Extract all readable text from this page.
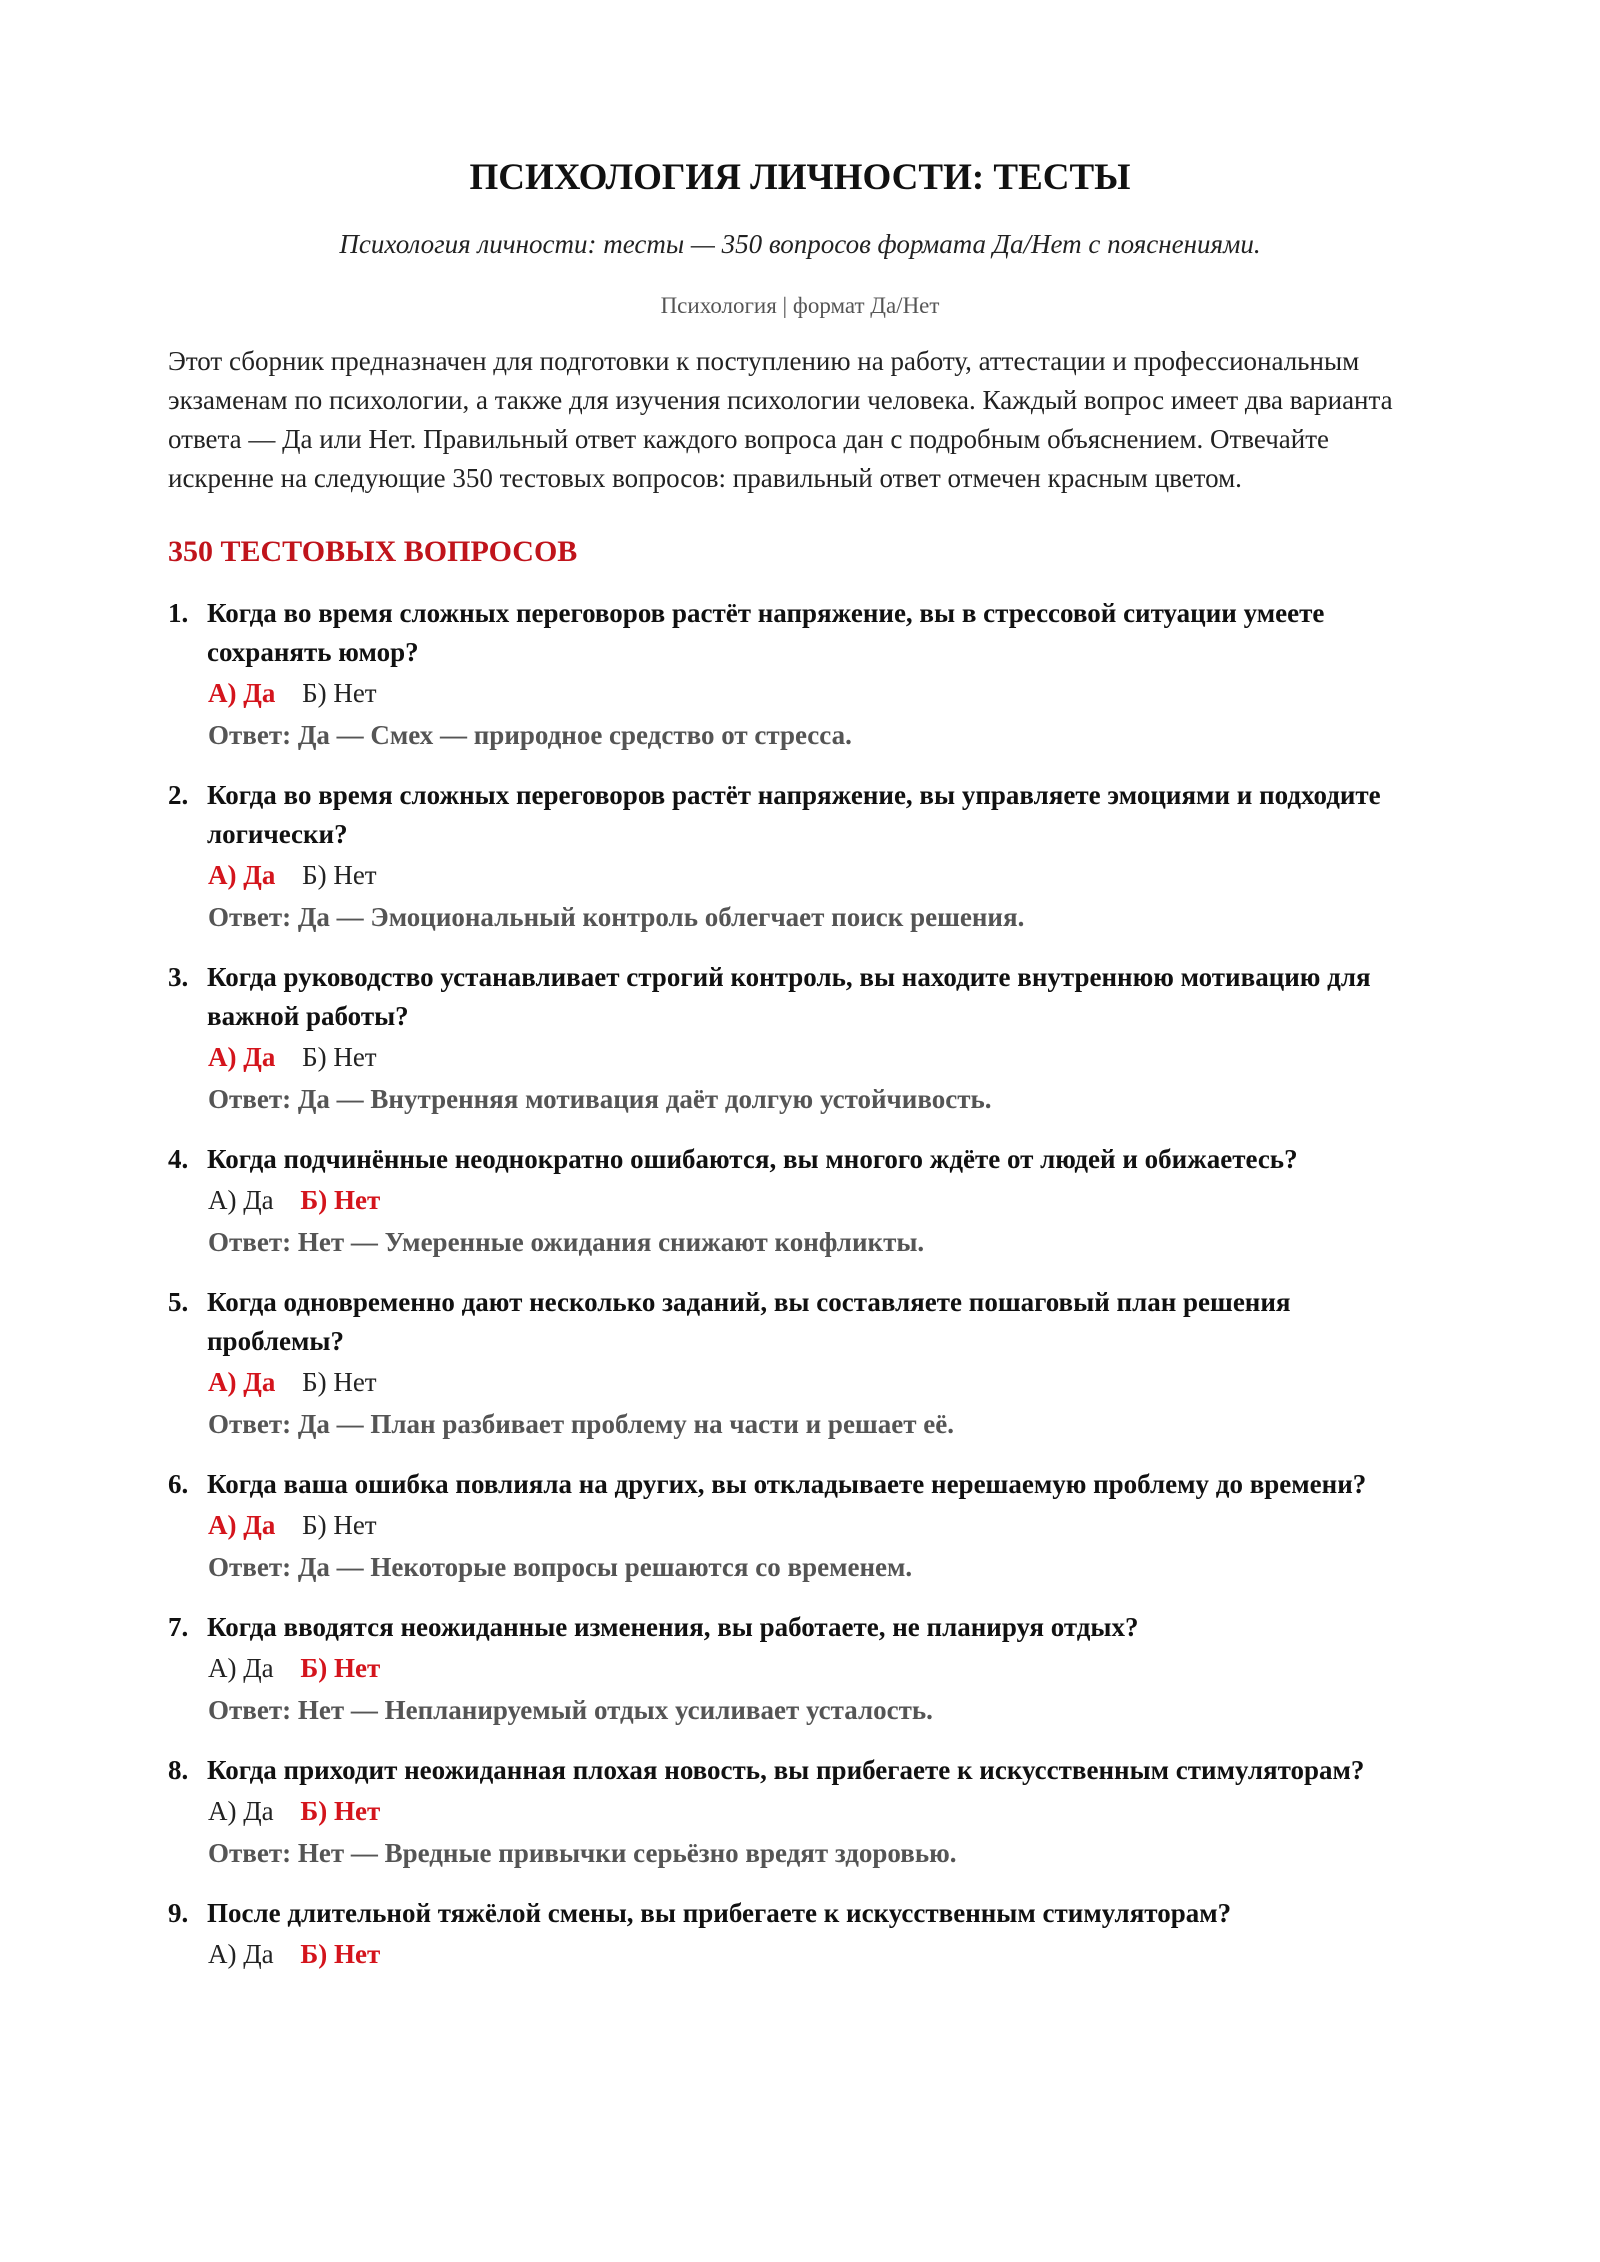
ПСИХОЛОГИЯ ЛИЧНОСТИ: ТЕСТЫ
Психология личности: тесты — 350 вопросов формата Да/Нет с пояснениями.
Психология | формат Да/Нет
Этот сборник предназначен для подготовки к поступлению на работу, аттестации и профессиональным экзаменам по психологии, а также для изучения психологии человека. Каждый вопрос имеет два варианта ответа — Да или Нет. Правильный ответ каждого вопроса дан с подробным объяснением. Отвечайте искренне на следующие 350 тестовых вопросов: правильный ответ отмечен красным цветом.
350 ТЕСТОВЫХ ВОПРОСОВ
1. Когда во время сложных переговоров растёт напряжение, вы в стрессовой ситуации умеете сохранять юмор?
А) Да Б) Нет
Ответ: Да — Смех — природное средство от стресса.
2. Когда во время сложных переговоров растёт напряжение, вы управляете эмоциями и подходите логически?
А) Да Б) Нет
Ответ: Да — Эмоциональный контроль облегчает поиск решения.
3. Когда руководство устанавливает строгий контроль, вы находите внутреннюю мотивацию для важной работы?
А) Да Б) Нет
Ответ: Да — Внутренняя мотивация даёт долгую устойчивость.
4. Когда подчинённые неоднократно ошибаются, вы многого ждёте от людей и обижаетесь?
А) Да Б) Нет
Ответ: Нет — Умеренные ожидания снижают конфликты.
5. Когда одновременно дают несколько заданий, вы составляете пошаговый план решения проблемы?
А) Да Б) Нет
Ответ: Да — План разбивает проблему на части и решает её.
6. Когда ваша ошибка повлияла на других, вы откладываете нерешаемую проблему до времени?
А) Да Б) Нет
Ответ: Да — Некоторые вопросы решаются со временем.
7. Когда вводятся неожиданные изменения, вы работаете, не планируя отдых?
А) Да Б) Нет
Ответ: Нет — Непланируемый отдых усиливает усталость.
8. Когда приходит неожиданная плохая новость, вы прибегаете к искусственным стимуляторам?
А) Да Б) Нет
Ответ: Нет — Вредные привычки серьёзно вредят здоровью.
9. После длительной тяжёлой смены, вы прибегаете к искусственным стимуляторам?
А) Да Б) Нет
